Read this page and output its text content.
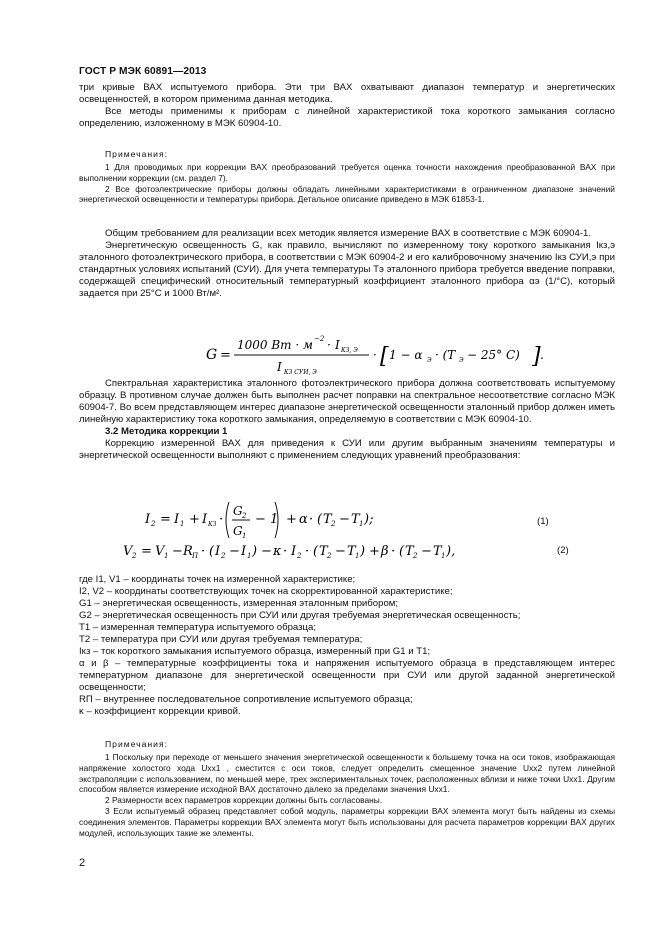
ГОСТ Р МЭК 60891—2013

три кривые ВАХ испытуемого прибора. Эти три ВАХ охватывают диапазон температур и энергетических освещенностей, в котором применима данная методика.

Все методы применимы к приборам с линейной характеристикой тока короткого замыкания согласно определению, изложенному в МЭК 60904-10.

Примечания:

1 Для проводимых при коррекции ВАХ преобразований требуется оценка точности нахождения преобразованной ВАХ при выполнении коррекции (см. раздел 7).

2 Все фотоэлектрические приборы должны обладать линейными характеристиками в ограниченном диапазоне значений энергетической освещенности и температуры прибора. Детальное описание приведено в МЭК 61853-1.

Общим требованием для реализации всех методик является измерение ВАХ в соответствие с МЭК 60904-1.

Энергетическую освещенность G, как правило, вычисляют по измеренному току короткого замыкания Iкз,э эталонного фотоэлектрического прибора, в соответствии с МЭК 60904-2 и его калибровочному значению Iкз СУИ,э при стандартных условиях испытаний (СУИ). Для учета температуры Tэ эталонного прибора требуется введение поправки, содержащей специфический относительный температурный коэффициент эталонного прибора αэ (1/°C), который задается при 25°C и 1000 Вт/м².

G =
1000 Вт · м −2 · I КЗ, Э
I КЗ СУИ, Э
· [ 1 − α Э · (T Э − 25° C) ] .

Спектральная характеристика эталонного фотоэлектрического прибора должна соответствовать испытуемому образцу. В противном случае должен быть выполнен расчет поправки на спектральное несоответствие согласно МЭК 60904-7. Во всем представляющем интерес диапазоне энергетической освещенности эталонный прибор должен иметь линейную характеристику тока короткого замыкания, определяемую в соответствии с МЭК 60904-10.

3.2 Методика коррекции 1

Коррекцию измеренной ВАХ для приведения к СУИ или другим выбранным значениям температуры и энергетической освещенности выполняют с применением следующих уравнений преобразования:

I 2 = I 1 + I КЗ ·
G 2
G 1
− 1 + α · ( T 2 − T 1 );	(1)
V 2 = V 1 − R П · ( I 2 − I 1 ) − κ · I 2 · ( T 2 − T 1 ) + β · ( T 2 − T 1 ),	(2)

где I1, V1 – координаты точек на измеренной характеристике;

I2, V2 – координаты соответствующих точек на скорректированной характеристике;

G1 – энергетическая освещенность, измеренная эталонным прибором;

G2 – энергетическая освещенность при СУИ или другая требуемая энергетическая освещенность;

T1 – измеренная температура испытуемого образца;

T2 – температура при СУИ или другая требуемая температура;

Iкз – ток короткого замыкания испытуемого образца, измеренный при G1 и T1;

α и β – температурные коэффициенты тока и напряжения испытуемого образца в представляющем интерес температурном диапазоне для энергетической освещенности при СУИ или другой заданной энергетической освещенности;

RП – внутреннее последовательное сопротивление испытуемого образца;

κ – коэффициент коррекции кривой.

Примечания:

1 Поскольку при переходе от меньшего значения энергетической освещенности к большему точка на оси токов, изображающая напряжение холостого хода Uхх1 , сместится с оси токов, следует определить смещенное значение Uхх2 путем линейной экстраполяции с использованием, по меньшей мере, трех экспериментальных точек, расположенных вблизи и ниже точки Uхх1. Другим способом является измерение исходной ВАХ достаточно далеко за пределами значения Uхх1.

2 Размерности всех параметров коррекции должны быть согласованы.

3 Если испытуемый образец представляет собой модуль, параметры коррекции ВАХ элемента могут быть найдены из схемы соединения элементов. Параметры коррекции ВАХ элемента могут быть использованы для расчета параметров коррекции ВАХ других модулей, использующих такие же элементы.

2
